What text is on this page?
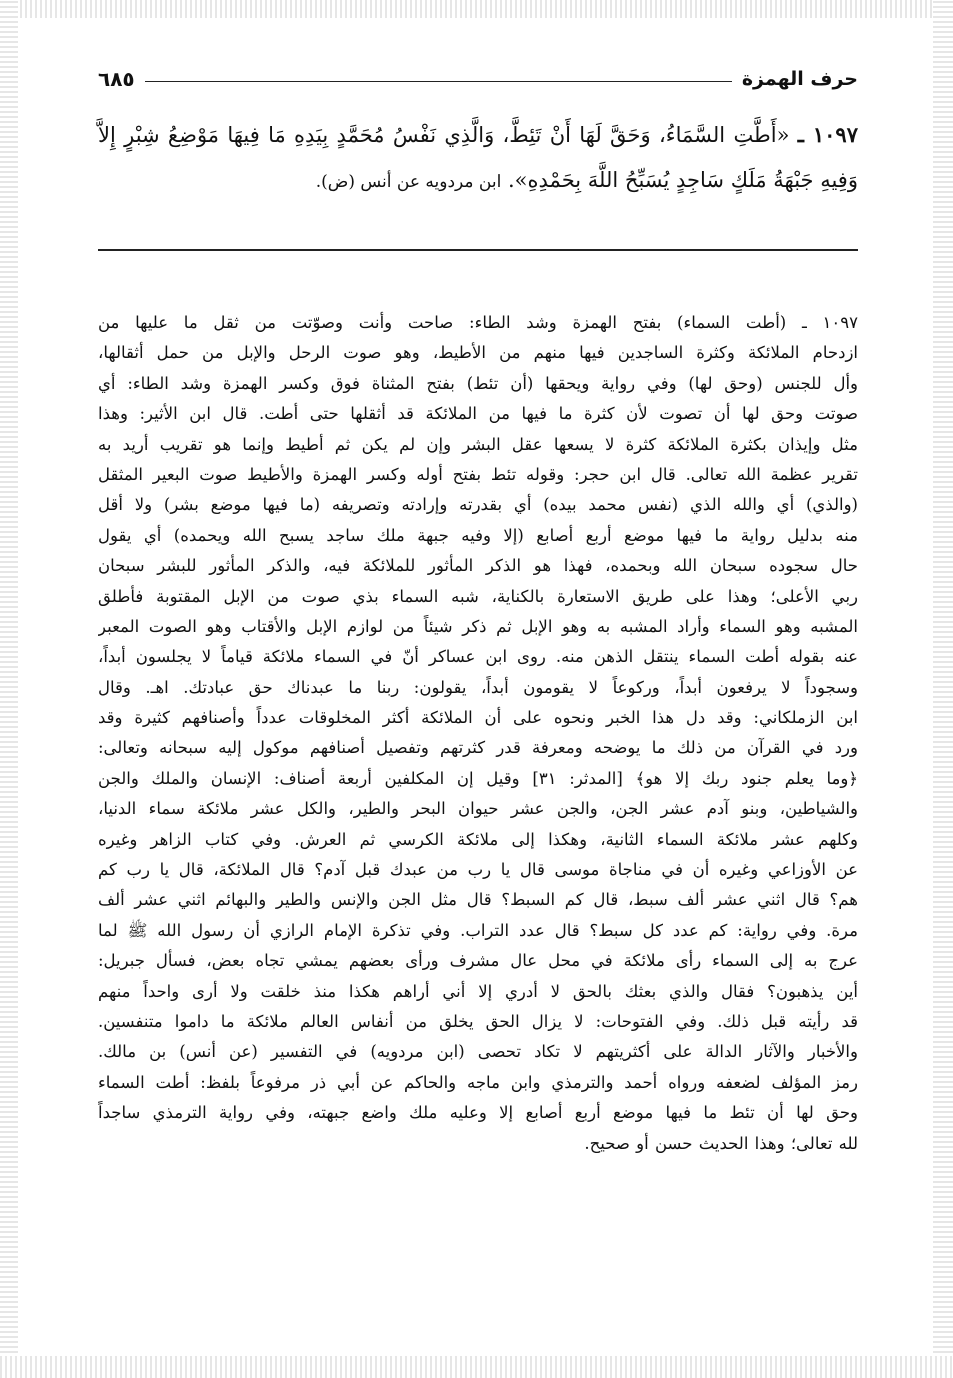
حرف الهمزة
٦٨٥
١٠٩٧ ـ «أَطَّتِ السَّمَاءُ، وَحَقَّ لَهَا أَنْ تَئِطَّ، وَالَّذِي نَفْسُ مُحَمَّدٍ بِيَدِهِ مَا فِيهَا مَوْضِعُ شِبْرٍ إِلاَّ وَفِيهِ جَبْهَةُ مَلَكٍ سَاجِدٍ يُسَبِّحُ اللَّهَ بِحَمْدِهِ». ابن مردويه عن أنس (ض).

١٠٩٧ ـ (أطت السماء) بفتح الهمزة وشد الطاء: صاحت وأنت وصوّتت من ثقل ما عليها من

ازدحام الملائكة وكثرة الساجدين فيها منهم من الأطيط، وهو صوت الرحل والإبل من حمل أثقالها،

وأل للجنس (وحق لها) وفي رواية ويحقها (أن تئط) بفتح المثناة فوق وكسر الهمزة وشد الطاء: أي

صوتت وحق لها أن تصوت لأن كثرة ما فيها من الملائكة قد أثقلها حتى أطت. قال ابن الأثير: وهذا

مثل وإيذان بكثرة الملائكة كثرة لا يسعها عقل البشر وإن لم يكن ثم أطيط وإنما هو تقريب أريد به

تقرير عظمة الله تعالى. قال ابن حجر: وقوله تئط بفتح أوله وكسر الهمزة والأطيط صوت البعير المثقل

(والذي) أي والله الذي (نفس محمد بيده) أي بقدرته وإرادته وتصريفه (ما فيها موضع بشر) ولا أقل

منه بدليل رواية ما فيها موضع أربع أصابع (إلا وفيه جبهة ملك ساجد يسبح الله ويحمده) أي يقول

حال سجوده سبحان الله وبحمده، فهذا هو الذكر المأثور للملائكة فيه، والذكر المأثور للبشر سبحان

ربي الأعلى؛ وهذا على طريق الاستعارة بالكناية، شبه السماء بذي صوت من الإبل المقتوبة فأطلق

المشبه وهو السماء وأراد المشبه به وهو الإبل ثم ذكر شيئاً من لوازم الإبل والأقتاب وهو الصوت المعبر

عنه بقوله أطت السماء ينتقل الذهن منه. روى ابن عساكر أنّ في السماء ملائكة قياماً لا يجلسون أبداً،

وسجوداً لا يرفعون أبداً، وركوعاً لا يقومون أبداً، يقولون: ربنا ما عبدناك حق عبادتك. اهـ. وقال

ابن الزملكاني: وقد دل هذا الخبر ونحوه على أن الملائكة أكثر المخلوقات عدداً وأصنافهم كثيرة وقد

ورد في القرآن من ذلك ما يوضحه ومعرفة قدر كثرتهم وتفصيل أصنافهم موكول إليه سبحانه وتعالى:

﴿وما يعلم جنود ربك إلا هو﴾ [المدثر: ٣١] وقيل إن المكلفين أربعة أصناف: الإنسان والملك والجن

والشياطين، وبنو آدم عشر الجن، والجن عشر حيوان البحر والطير، والكل عشر ملائكة سماء الدنيا،

وكلهم عشر ملائكة السماء الثانية، وهكذا إلى ملائكة الكرسي ثم العرش. وفي كتاب الزاهر وغيره

عن الأوزاعي وغيره أن في مناجاة موسى قال يا رب من عبدك قبل آدم؟ قال الملائكة، قال يا رب كم

هم؟ قال اثني عشر ألف سبط، قال كم السبط؟ قال مثل الجن والإنس والطير والبهائم اثني عشر ألف

مرة. وفي رواية: كم عدد كل سبط؟ قال عدد التراب. وفي تذكرة الإمام الرازي أن رسول الله ﷺ لما

عرج به إلى السماء رأى ملائكة في محل عال مشرف ورأى بعضهم يمشي تجاه بعض، فسأل جبريل:

أين يذهبون؟ فقال والذي بعثك بالحق لا أدري إلا أني أراهم هكذا منذ خلقت ولا أرى واحداً منهم

قد رأيته قبل ذلك. وفي الفتوحات: لا يزال الحق يخلق من أنفاس العالم ملائكة ما داموا متنفسين.

والأخبار والآثار الدالة على أكثريتهم لا تكاد تحصى (ابن مردويه) في التفسير (عن أنس) بن مالك.

رمز المؤلف لضعفه ورواه أحمد والترمذي وابن ماجه والحاكم عن أبي ذر مرفوعاً بلفظ: أطت السماء

وحق لها أن تئط ما فيها موضع أربع أصابع إلا وعليه ملك واضع جبهته، وفي رواية الترمذي ساجداً

لله تعالى؛ وهذا الحديث حسن أو صحيح.
